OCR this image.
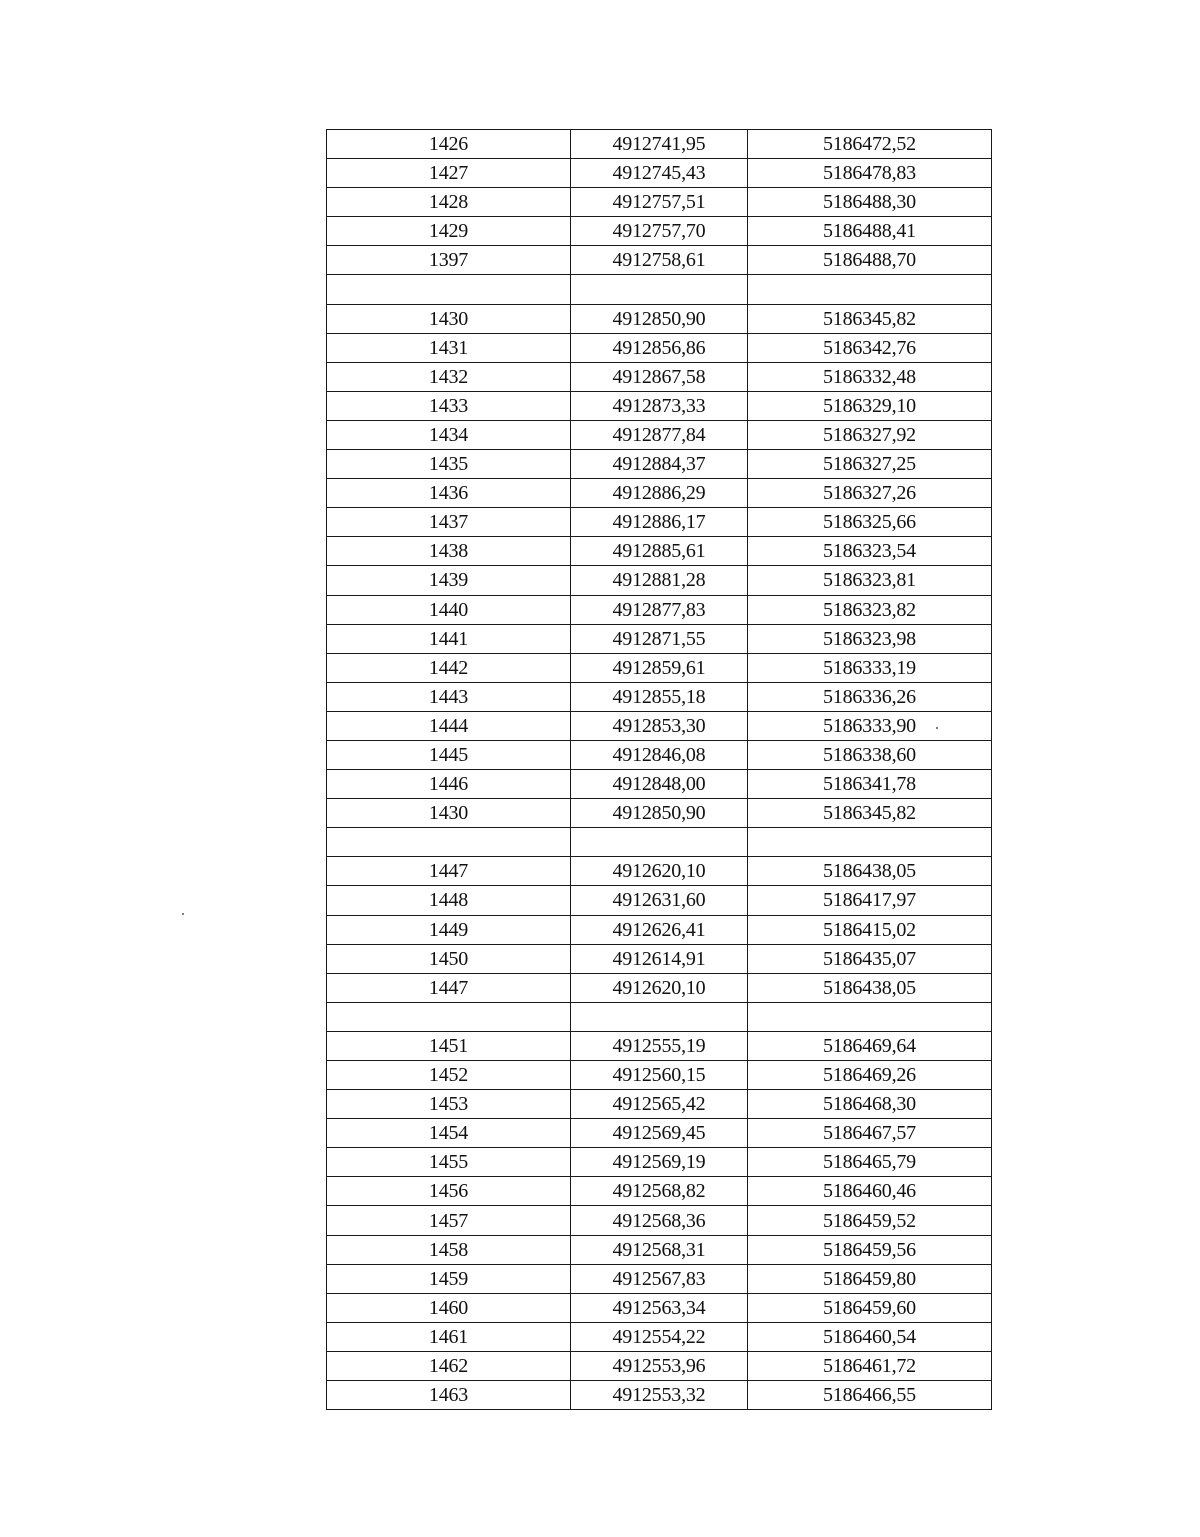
1426	4912741,95	5186472,52
1427	4912745,43	5186478,83
1428	4912757,51	5186488,30
1429	4912757,70	5186488,41
1397	4912758,61	5186488,70

1430	4912850,90	5186345,82
1431	4912856,86	5186342,76
1432	4912867,58	5186332,48
1433	4912873,33	5186329,10
1434	4912877,84	5186327,92
1435	4912884,37	5186327,25
1436	4912886,29	5186327,26
1437	4912886,17	5186325,66
1438	4912885,61	5186323,54
1439	4912881,28	5186323,81
1440	4912877,83	5186323,82
1441	4912871,55	5186323,98
1442	4912859,61	5186333,19
1443	4912855,18	5186336,26
1444	4912853,30	5186333,90
1445	4912846,08	5186338,60
1446	4912848,00	5186341,78
1430	4912850,90	5186345,82

1447	4912620,10	5186438,05
1448	4912631,60	5186417,97
1449	4912626,41	5186415,02
1450	4912614,91	5186435,07
1447	4912620,10	5186438,05

1451	4912555,19	5186469,64
1452	4912560,15	5186469,26
1453	4912565,42	5186468,30
1454	4912569,45	5186467,57
1455	4912569,19	5186465,79
1456	4912568,82	5186460,46
1457	4912568,36	5186459,52
1458	4912568,31	5186459,56
1459	4912567,83	5186459,80
1460	4912563,34	5186459,60
1461	4912554,22	5186460,54
1462	4912553,96	5186461,72
1463	4912553,32	5186466,55
